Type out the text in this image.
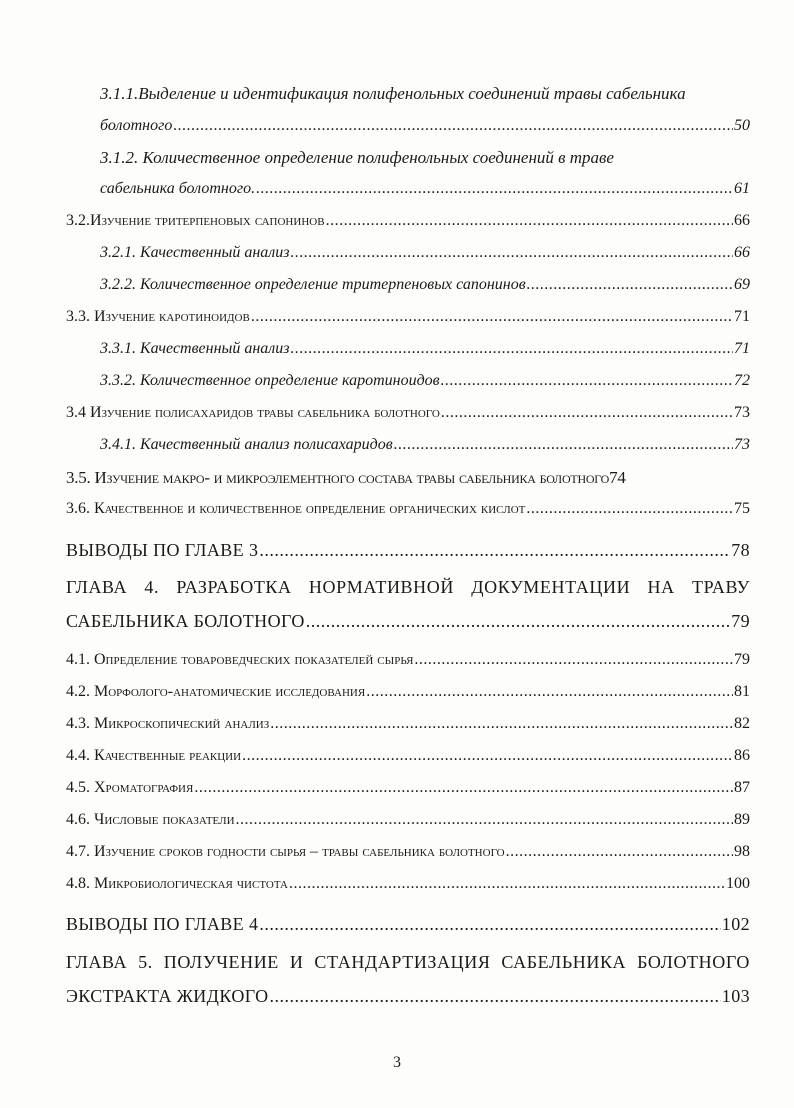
3.1.1.Выделение и идентификация полифенольных соединений травы сабельника
болотного .....	50
3.1.2. Количественное определение полифенольных соединений в траве
сабельника болотного. .....	61
3.2.Изучение тритерпеновых сапонинов .....	66
3.2.1. Качественный анализ .....	66
3.2.2. Количественное определение тритерпеновых сапонинов .....	69
3.3. Изучение каротиноидов .....	71
3.3.1. Качественный анализ .....	71
3.3.2. Количественное определение каротиноидов .....	72
3.4 Изучение полисахаридов травы сабельника болотного .....	73
3.4.1. Качественный анализ полисахаридов .....	73
3.5. Изучение макро- и микроэлементного состава травы сабельника болотного74
3.6. Качественное и количественное определение органических кислот .....	75
ВЫВОДЫ ПО ГЛАВЕ 3 .....	78
ГЛАВА 4. РАЗРАБОТКА НОРМАТИВНОЙ ДОКУМЕНТАЦИИ НА ТРАВУ
САБЕЛЬНИКА БОЛОТНОГО .....	79
4.1. Определение товароведческих показателей сырья .....	79
4.2. Морфолого-анатомические исследования .....	81
4.3. Микроскопический анализ .....	82
4.4. Качественные реакции .....	86
4.5. Хроматография .....	87
4.6. Числовые показатели .....	89
4.7. Изучение сроков годности сырья – травы сабельника болотного .....	98
4.8. Микробиологическая чистота .....	100
ВЫВОДЫ ПО ГЛАВЕ 4 .....	102
ГЛАВА 5. ПОЛУЧЕНИЕ И СТАНДАРТИЗАЦИЯ САБЕЛЬНИКА БОЛОТНОГО
ЭКСТРАКТА ЖИДКОГО .....	103
3
